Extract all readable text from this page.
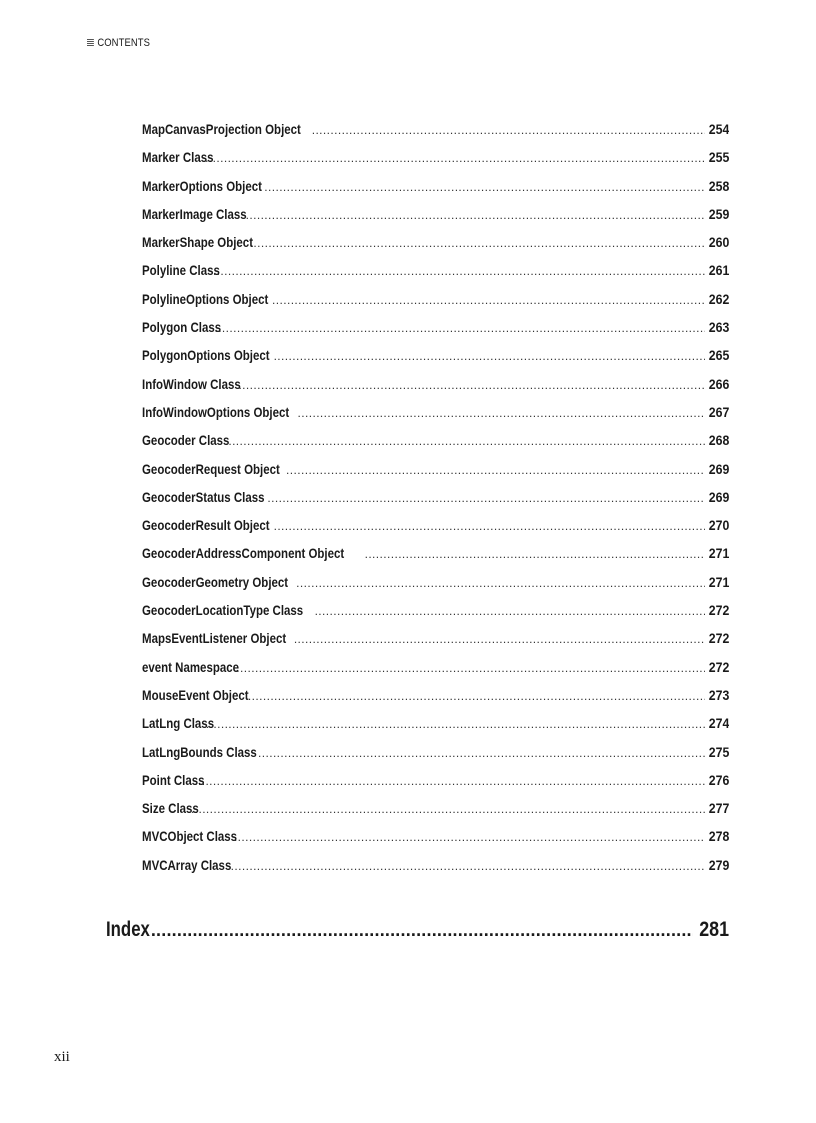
CONTENTS
MapCanvasProjection Object .....	254
Marker Class .....	255
MarkerOptions Object .....	258
MarkerImage Class .....	259
MarkerShape Object .....	260
Polyline Class .....	261
PolylineOptions Object .....	262
Polygon Class .....	263
PolygonOptions Object .....	265
InfoWindow Class .....	266
InfoWindowOptions Object .....	267
Geocoder Class .....	268
GeocoderRequest Object .....	269
GeocoderStatus Class .....	269
GeocoderResult Object .....	270
GeocoderAddressComponent Object .....	271
GeocoderGeometry Object .....	271
GeocoderLocationType Class .....	272
MapsEventListener Object .....	272
event Namespace .....	272
MouseEvent Object .....	273
LatLng Class .....	274
LatLngBounds Class .....	275
Point Class .....	276
Size Class .....	277
MVCObject Class .....	278
MVCArray Class .....	279
Index .....	281
xii
